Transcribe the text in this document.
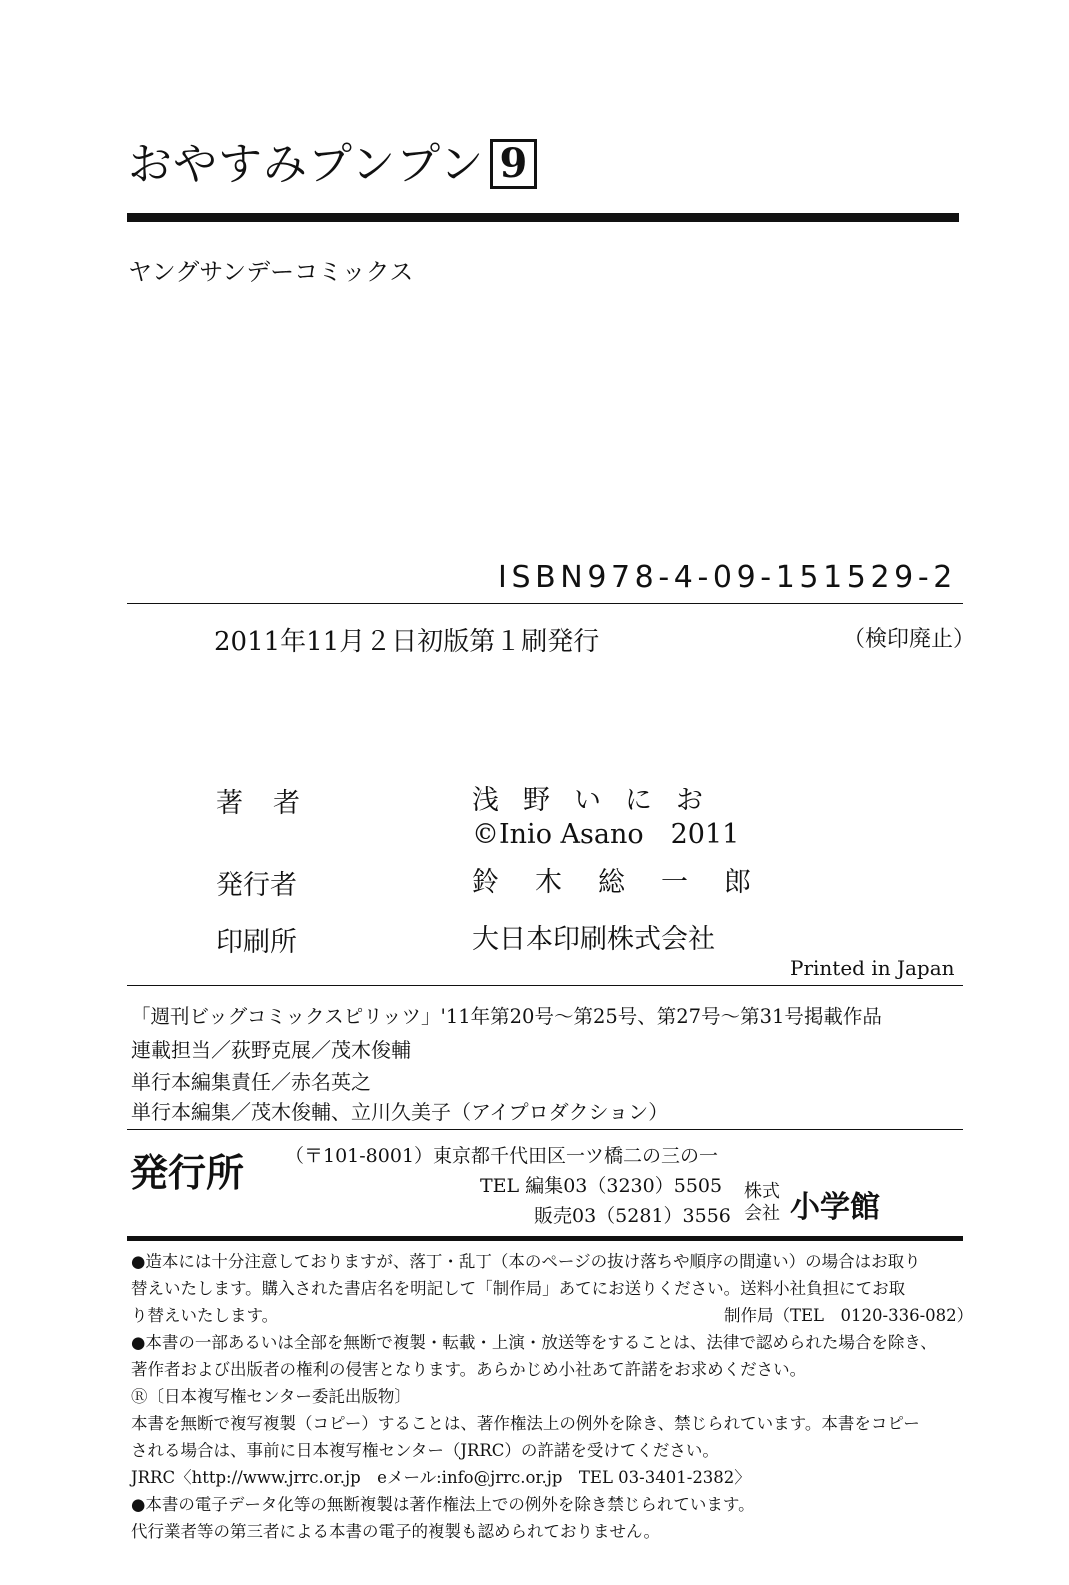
おやすみプンプン 9
ヤングサンデーコミックス
ISBN978-4-09-151529-2
2011年11月２日初版第１刷発行	（検印廃止）
著者	浅野いにお
©Inio Asano　2011
発行者	鈴木総一郎
印刷所	大日本印刷株式会社
Printed in Japan
「週刊ビッグコミックスピリッツ」'11年第20号〜第25号、第27号〜第31号掲載作品
連載担当／荻野克展／茂木俊輔
単行本編集責任／赤名英之
単行本編集／茂木俊輔、立川久美子（アイプロダクション）
発行所 （〒101-8001）東京都千代田区一ツ橋二の三の一
TEL 編集03（3230）5505
販売03（5281）3556
株式
会社 小学館
●造本には十分注意しておりますが、落丁・乱丁（本のページの抜け落ちや順序の間違い）の場合はお取り
替えいたします。購入された書店名を明記して「制作局」あてにお送りください。送料小社負担にてお取
り替えいたします。	制作局（TEL　0120-336-082）
●本書の一部あるいは全部を無断で複製・転載・上演・放送等をすることは、法律で認められた場合を除き、
著作者および出版者の権利の侵害となります。あらかじめ小社あて許諾をお求めください。
Ⓡ〔日本複写権センター委託出版物〕
本書を無断で複写複製（コピー）することは、著作権法上の例外を除き、禁じられています。本書をコピー
される場合は、事前に日本複写権センター（JRRC）の許諾を受けてください。
JRRC〈http://www.jrrc.or.jp　eメール:info@jrrc.or.jp　TEL 03-3401-2382〉
●本書の電子データ化等の無断複製は著作権法上での例外を除き禁じられています。
代行業者等の第三者による本書の電子的複製も認められておりません。
